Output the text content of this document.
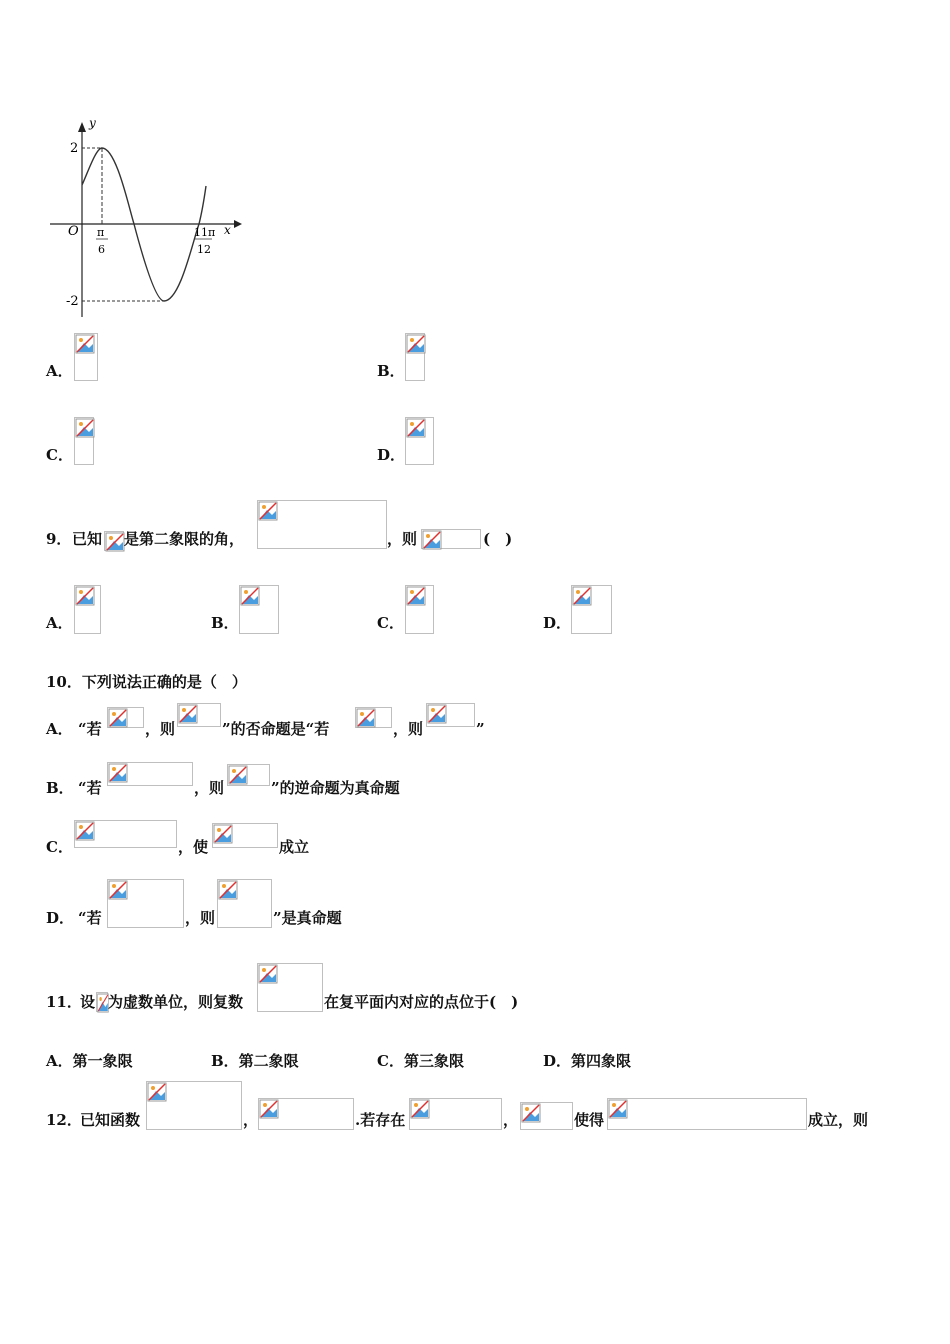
y
x
O
2
-2
π
6
11π
12
A．	B．
C．	D．
9． 已知 是第二象限的角，	，则	(　)
A．	B．	C．	D．
10．下列说法正确的是（　）
A． “若	，则	”的否命题是“若	，则	”
B． “若	，则	”的逆命题为真命题
C．	，使	成立
D． “若	，则	”是真命题
11．
设 为虚数单位，则复数	在复平面内对应的点位于(　)
A．第一象限	B．第二象限	C．第三象限	D．第四象限
12．
已知函数	，	.若存在	，	使得	成立，则
